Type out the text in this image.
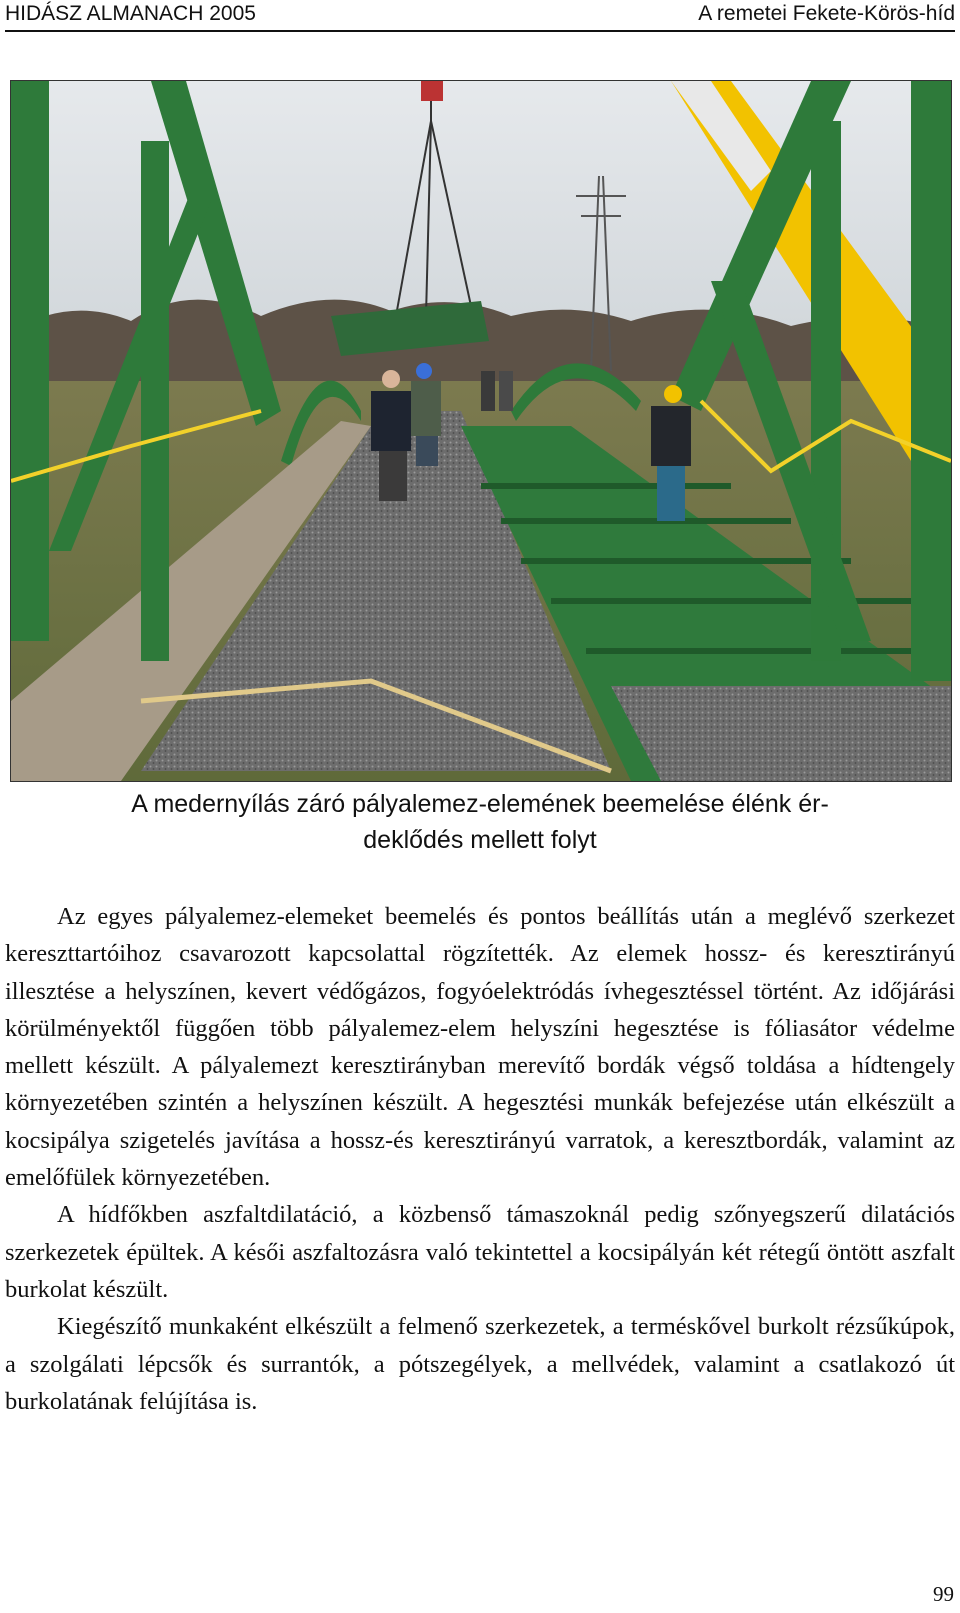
HIDÁSZ ALMANACH 2005	A remetei Fekete-Körös-híd
A medernyílás záró pályalemez-elemének beemelése élénk ér-
deklődés mellett folyt

Az egyes pályalemez-elemeket beemelés és pontos beállítás után a meglévő szerkezet kereszttartóihoz csavarozott kapcsolattal rögzítették. Az elemek hossz- és keresztirányú illesztése a helyszínen, kevert védőgázos, fogyóelektródás ívhegesztéssel történt. Az időjárási körülményektől függően több pályalemez-elem helyszíni hegesztése is fóliasátor védelme mellett készült. A pályalemezt keresztirányban merevítő bordák végső toldása a hídtengely környezetében szintén a helyszínen készült. A hegesztési munkák befejezése után elkészült a kocsipálya szigetelés javítása a hossz-és keresztirányú varratok, a keresztbordák, valamint az emelőfülek környezetében.

A hídfőkben aszfaltdilatáció, a közbenső támaszoknál pedig szőnyegszerű dilatációs szerkezetek épültek. A késői aszfaltozásra való tekintettel a kocsipályán két rétegű öntött aszfalt burkolat készült.

Kiegészítő munkaként elkészült a felmenő szerkezetek, a terméskővel burkolt rézsűkúpok, a szolgálati lépcsők és surrantók, a pótszegélyek, a mellvédek, valamint a csatlakozó út burkolatának felújítása is.

99
